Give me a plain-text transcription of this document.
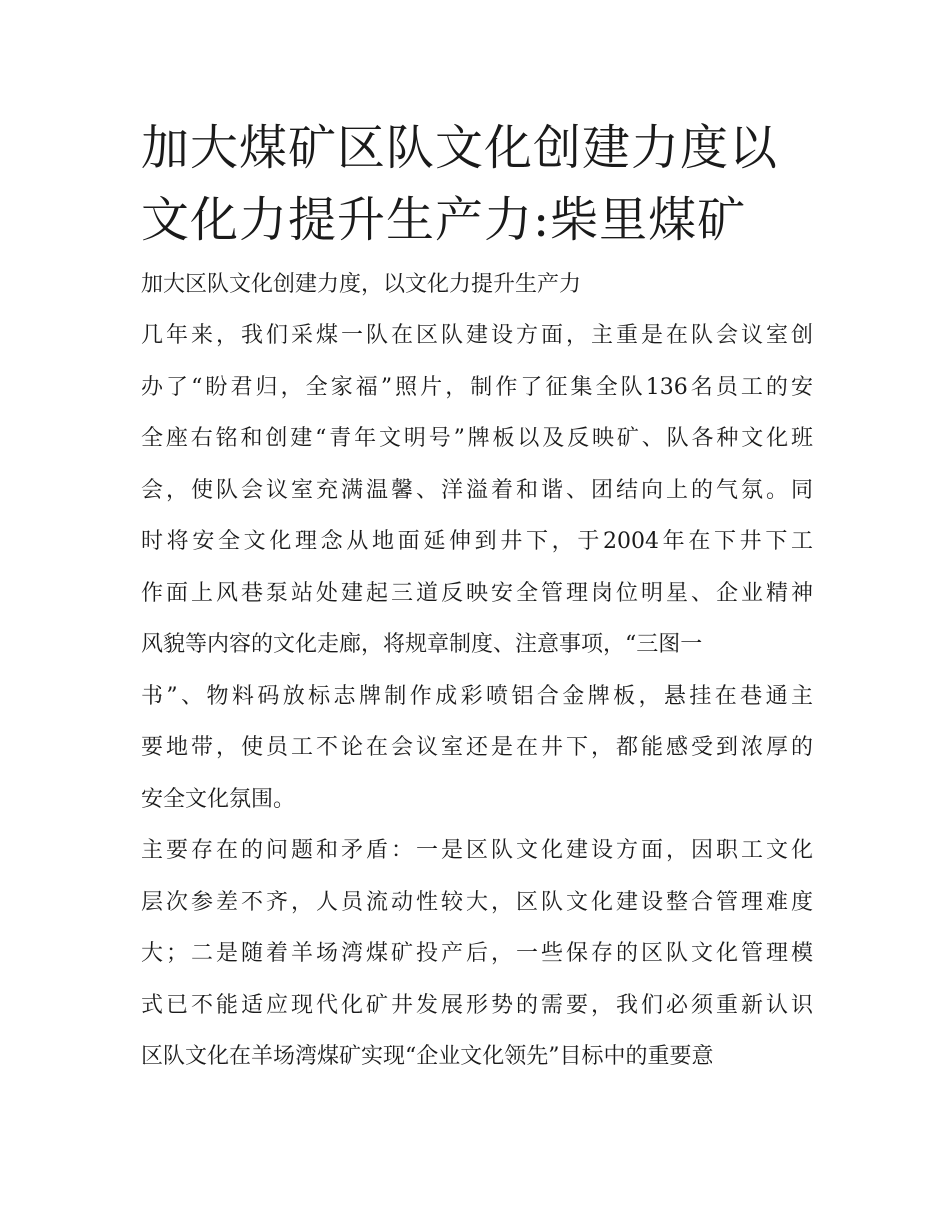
加大煤矿区队文化创建力度以
文化力提升生产力:柴里煤矿

加大区队文化创建力度，以文化力提升生产力

几年来，我们采煤一队在区队建设方面，主重是在队会议室创
办了“盼君归，全家福”照片，制作了征集全队136名员工的安
全座右铭和创建“青年文明号”牌板以及反映矿、队各种文化班
会，使队会议室充满温馨、洋溢着和谐、团结向上的气氛。同
时将安全文化理念从地面延伸到井下，于2004年在下井下工
作面上风巷泵站处建起三道反映安全管理岗位明星、企业精神
风貌等内容的文化走廊，将规章制度、注意事项，“三图一
书”、物料码放标志牌制作成彩喷铝合金牌板，悬挂在巷通主
要地带，使员工不论在会议室还是在井下，都能感受到浓厚的
安全文化氛围。

主要存在的问题和矛盾：一是区队文化建设方面，因职工文化
层次参差不齐，人员流动性较大，区队文化建设整合管理难度
大；二是随着羊场湾煤矿投产后，一些保存的区队文化管理模
式已不能适应现代化矿井发展形势的需要，我们必须重新认识
区队文化在羊场湾煤矿实现“企业文化领先”目标中的重要意
